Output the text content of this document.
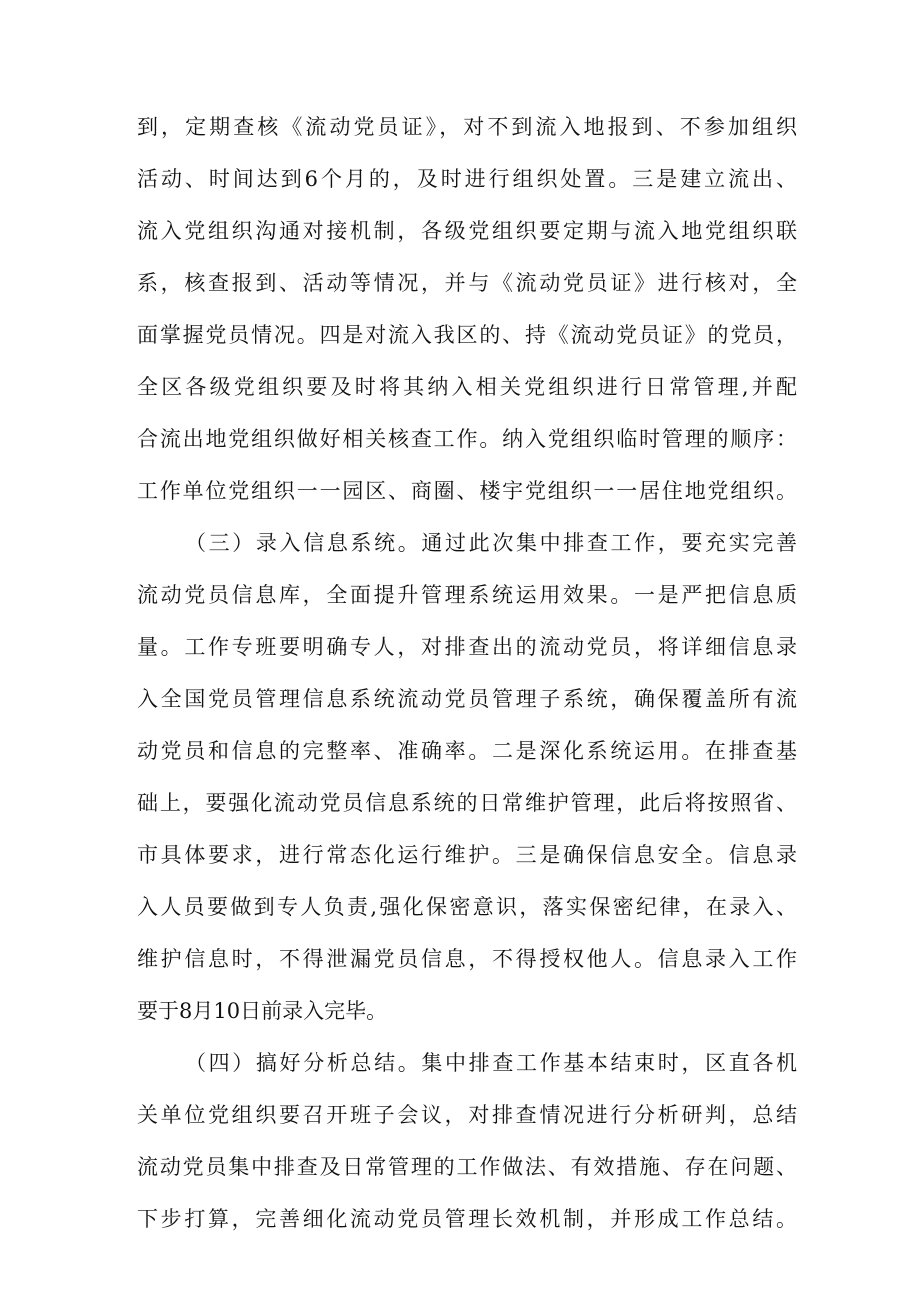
到，定期查核《流动党员证》，对不到流入地报到、不参加组织
活动、时间达到6个月的，及时进行组织处置。三是建立流出、
流入党组织沟通对接机制，各级党组织要定期与流入地党组织联
系，核查报到、活动等情况，并与《流动党员证》进行核对，全
面掌握党员情况。四是对流入我区的、持《流动党员证》的党员，
全区各级党组织要及时将其纳入相关党组织进行日常管理,并配
合流出地党组织做好相关核查工作。纳入党组织临时管理的顺序：
工作单位党组织一一园区、商圈、楼宇党组织一一居住地党组织。
（三）录入信息系统。通过此次集中排查工作，要充实完善
流动党员信息库，全面提升管理系统运用效果。一是严把信息质
量。工作专班要明确专人，对排查出的流动党员，将详细信息录
入全国党员管理信息系统流动党员管理子系统，确保覆盖所有流
动党员和信息的完整率、准确率。二是深化系统运用。在排查基
础上，要强化流动党员信息系统的日常维护管理，此后将按照省、
市具体要求，进行常态化运行维护。三是确保信息安全。信息录
入人员要做到专人负责,强化保密意识，落实保密纪律，在录入、
维护信息时，不得泄漏党员信息，不得授权他人。信息录入工作
要于8月10日前录入完毕。
（四）搞好分析总结。集中排查工作基本结束时，区直各机
关单位党组织要召开班子会议，对排查情况进行分析研判，总结
流动党员集中排查及日常管理的工作做法、有效措施、存在问题、
下步打算，完善细化流动党员管理长效机制，并形成工作总结。
